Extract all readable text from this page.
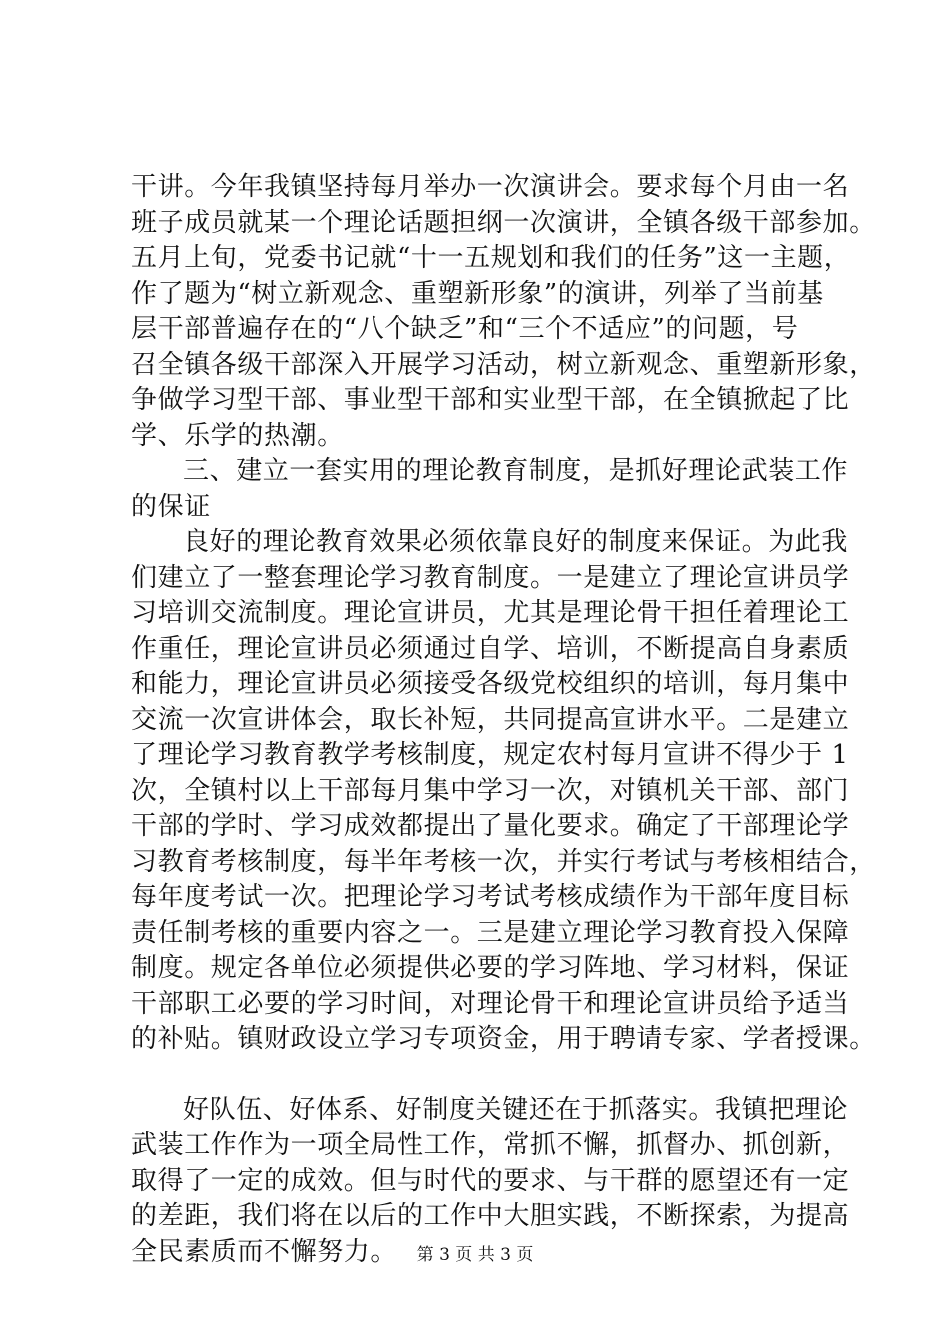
干讲。今年我镇坚持每月举办一次演讲会。要求每个月由一名
班子成员就某一个理论话题担纲一次演讲，全镇各级干部参加。
五月上旬，党委书记就“十一五规划和我们的任务”这一主题，
作了题为“树立新观念、重塑新形象”的演讲，列举了当前基
层干部普遍存在的“八个缺乏”和“三个不适应”的问题，号
召全镇各级干部深入开展学习活动，树立新观念、重塑新形象，
争做学习型干部、事业型干部和实业型干部，在全镇掀起了比
学、乐学的热潮。
三、建立一套实用的理论教育制度，是抓好理论武装工作
的保证
良好的理论教育效果必须依靠良好的制度来保证。为此我
们建立了一整套理论学习教育制度。一是建立了理论宣讲员学
习培训交流制度。理论宣讲员，尤其是理论骨干担任着理论工
作重任，理论宣讲员必须通过自学、培训，不断提高自身素质
和能力，理论宣讲员必须接受各级党校组织的培训，每月集中
交流一次宣讲体会，取长补短，共同提高宣讲水平。二是建立
了理论学习教育教学考核制度，规定农村每月宣讲不得少于 1
次，全镇村以上干部每月集中学习一次，对镇机关干部、部门
干部的学时、学习成效都提出了量化要求。确定了干部理论学
习教育考核制度，每半年考核一次，并实行考试与考核相结合，
每年度考试一次。把理论学习考试考核成绩作为干部年度目标
责任制考核的重要内容之一。三是建立理论学习教育投入保障
制度。规定各单位必须提供必要的学习阵地、学习材料，保证
干部职工必要的学习时间，对理论骨干和理论宣讲员给予适当
的补贴。镇财政设立学习专项资金，用于聘请专家、学者授课。
好队伍、好体系、好制度关键还在于抓落实。我镇把理论
武装工作作为一项全局性工作，常抓不懈，抓督办、抓创新，
取得了一定的成效。但与时代的要求、与干群的愿望还有一定
的差距，我们将在以后的工作中大胆实践，不断探索，为提高
全民素质而不懈努力。	第 3 页 共 3 页
